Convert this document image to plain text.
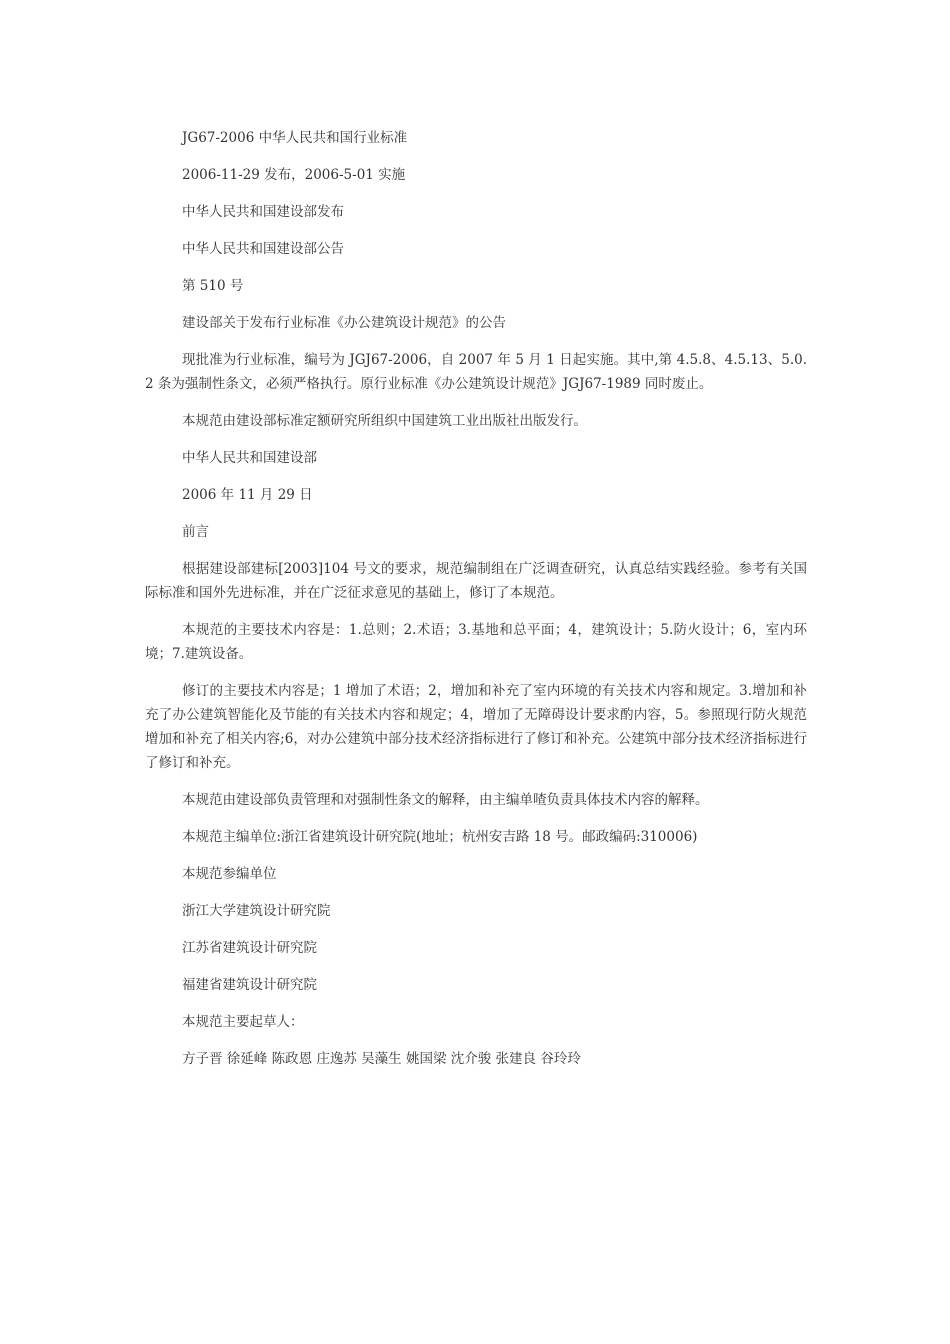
JG67-2006 中华人民共和国行业标准

2006-11-29 发布，2006-5-01 实施

中华人民共和国建设部发布

中华人民共和国建设部公告

第 510 号

建设部关于发布行业标准《办公建筑设计规范》的公告

现批准为行业标准，编号为 JGJ67-2006，自 2007 年 5 月 1 日起实施。其中,第 4.5.8、4.5.13、5.0.2 条为强制性条文，必须严格执行。原行业标准《办公建筑设计规范》JGJ67-1989 同时废止。

本规范由建设部标准定额研究所组织中国建筑工业出版社出版发行。

中华人民共和国建设部

2006 年 11 月 29 日

前言

根据建设部建标[2003]104 号文的要求，规范编制组在广泛调查研究，认真总结实践经验。参考有关国际标准和国外先进标准，并在广泛征求意见的基础上，修订了本规范。

本规范的主要技术内容是：1.总则；2.术语；3.基地和总平面；4，建筑设计；5.防火设计；6，室内环境；7.建筑设备。

修订的主要技术内容是；1 增加了术语；2，增加和补充了室内环境的有关技术内容和规定。3.增加和补充了办公建筑智能化及节能的有关技术内容和规定；4，增加了无障碍设计要求酌内容，5。参照现行防火规范增加和补充了相关内容;6，对办公建筑中部分技术经济指标进行了修订和补充。公建筑中部分技术经济指标进行了修订和补充。

本规范由建设部负责管理和对强制性条文的解释，由主编单喳负责具体技术内容的解释。

本规范主编单位:浙江省建筑设计研究院(地址；杭州安吉路 18 号。邮政编码:310006)

本规范参编单位

浙江大学建筑设计研究院

江苏省建筑设计研究院

福建省建筑设计研究院

本规范主要起草人：

方子晋 徐延峰 陈政恩 庄逸苏 吴藻生 姚国梁 沈介骏 张建良 谷玲玲
